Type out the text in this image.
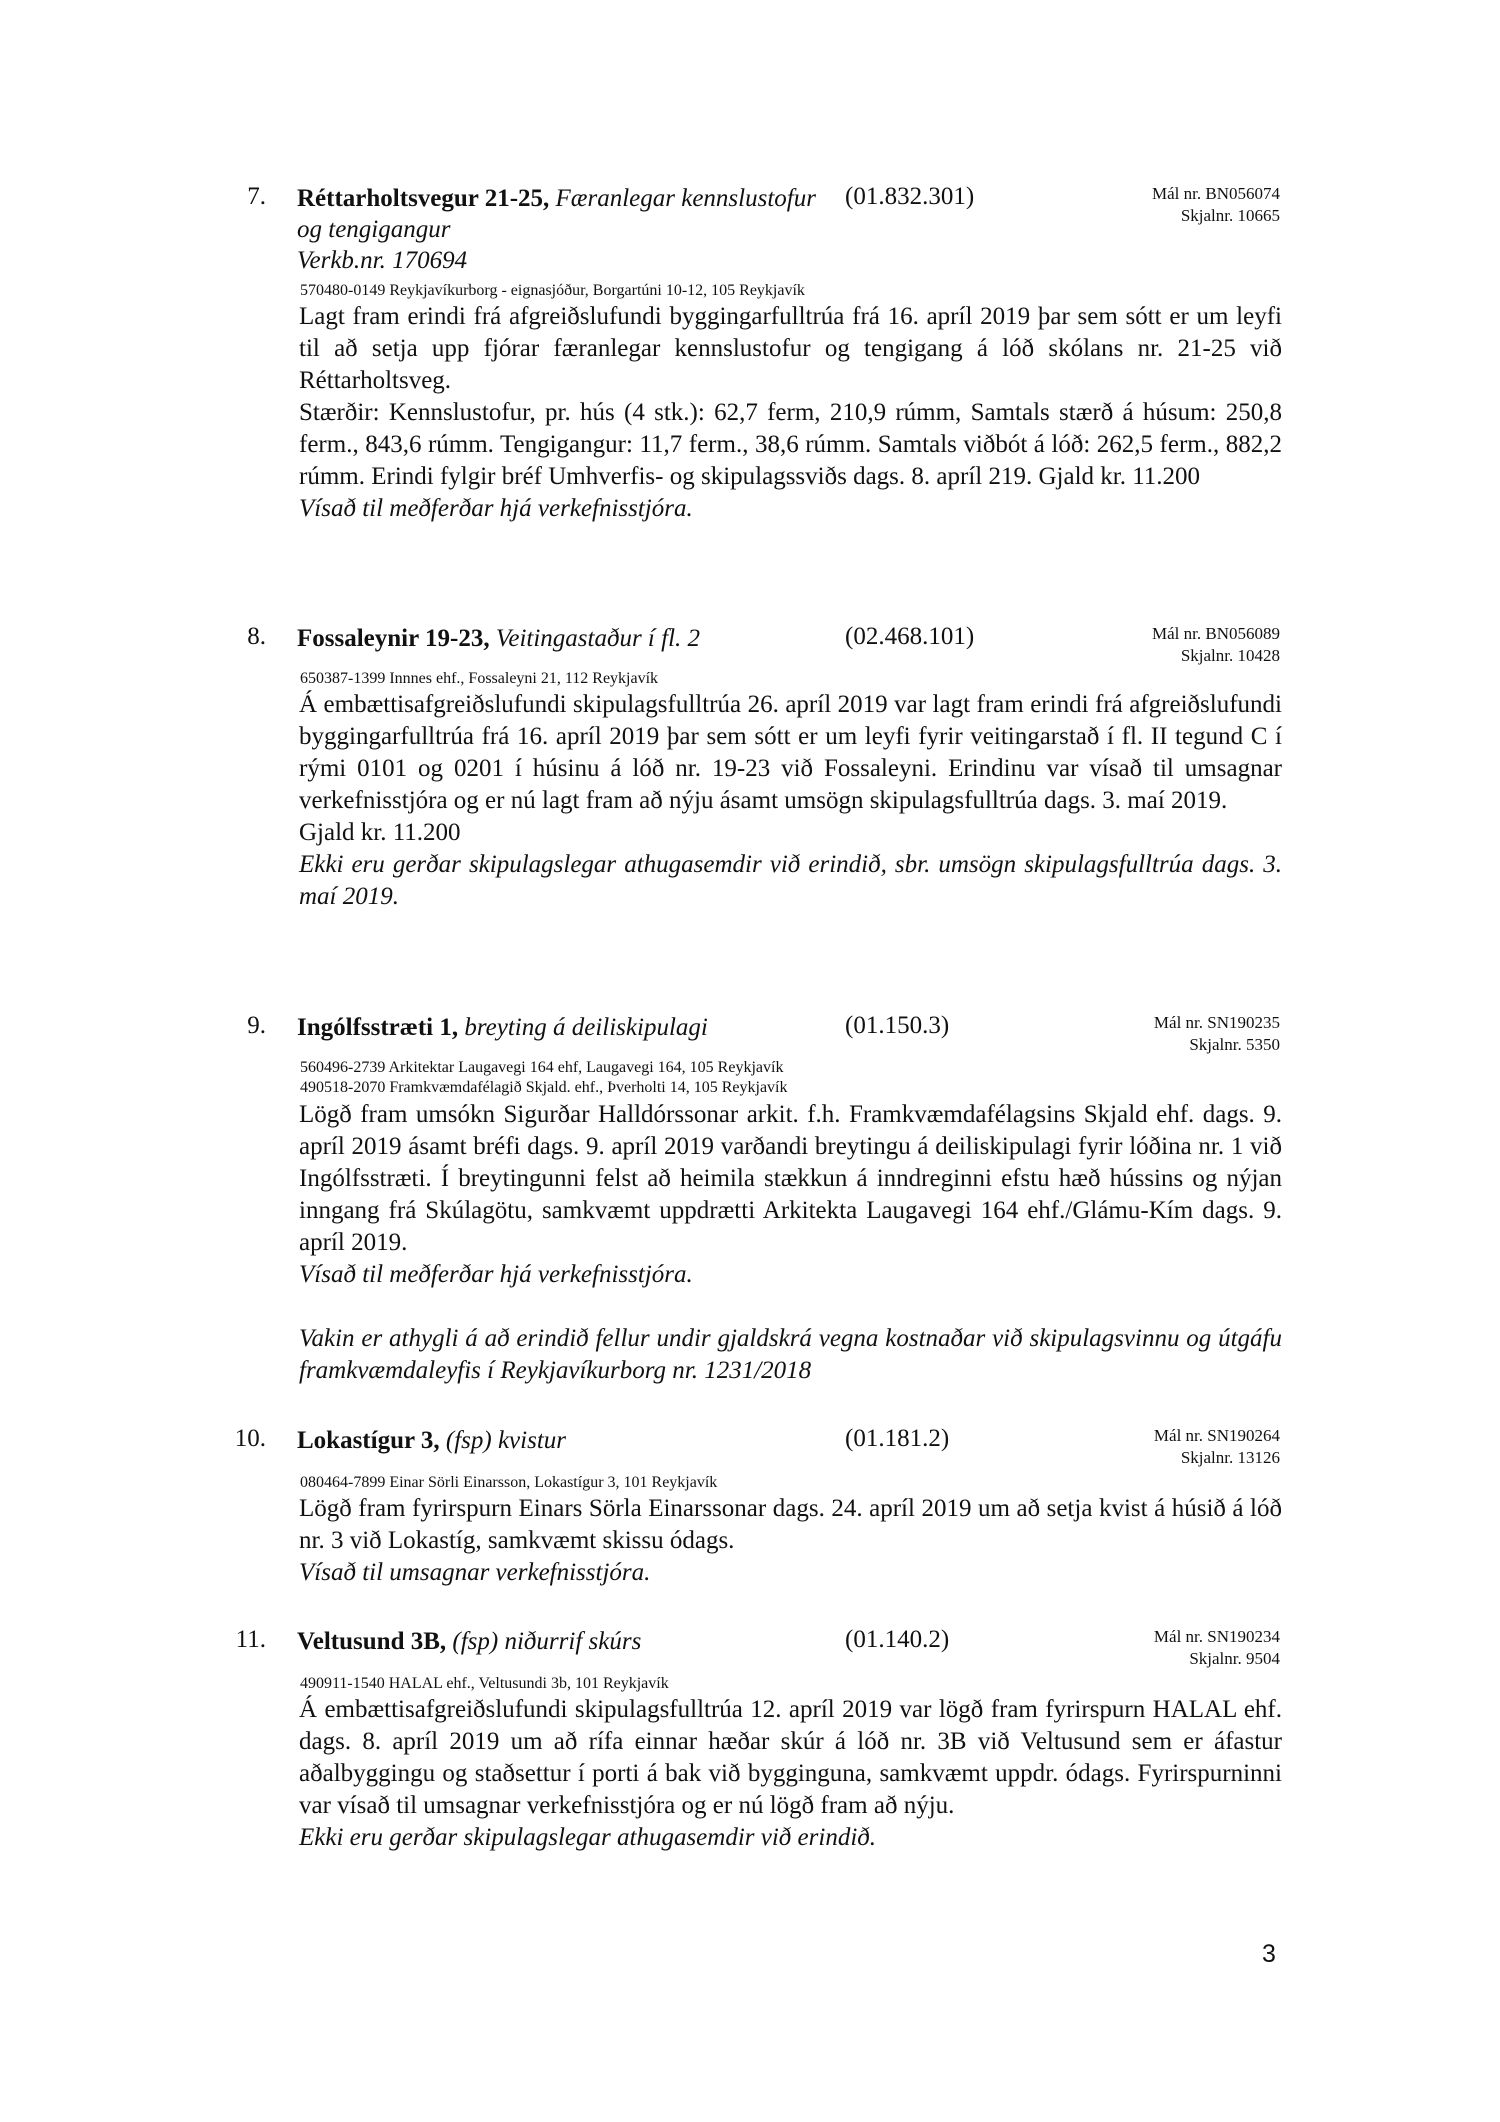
7. Réttarholtsvegur 21-25, Færanlegar kennslustofur og tengigangur
Verkb.nr. 170694
(01.832.301)	Mál nr. BN056074
Skjalnr. 10665
570480-0149 Reykjavíkurborg - eignasjóður, Borgartúni 10-12, 105 Reykjavík

Lagt fram erindi frá afgreiðslufundi byggingarfulltrúa frá 16. apríl 2019 þar sem sótt er um leyfi til að setja upp fjórar færanlegar kennslustofur og tengigang á lóð skólans nr. 21-25 við Réttarholtsveg.

Stærðir: Kennslustofur, pr. hús (4 stk.): 62,7 ferm, 210,9 rúmm, Samtals stærð á húsum: 250,8 ferm., 843,6 rúmm. Tengigangur: 11,7 ferm., 38,6 rúmm. Samtals viðbót á lóð: 262,5 ferm., 882,2 rúmm. Erindi fylgir bréf Umhverfis- og skipulagssviðs dags. 8. apríl 219. Gjald kr. 11.200

Vísað til meðferðar hjá verkefnisstjóra.

8. Fossaleynir 19-23, Veitingastaður í fl. 2	(02.468.101)	Mál nr. BN056089
Skjalnr. 10428
650387-1399 Innnes ehf., Fossaleyni 21, 112 Reykjavík

Á embættisafgreiðslufundi skipulagsfulltrúa 26. apríl 2019 var lagt fram erindi frá afgreiðslufundi byggingarfulltrúa frá 16. apríl 2019 þar sem sótt er um leyfi fyrir veitingarstað í fl. II tegund C í rými 0101 og 0201 í húsinu á lóð nr. 19-23 við Fossaleyni. Erindinu var vísað til umsagnar verkefnisstjóra og er nú lagt fram að nýju ásamt umsögn skipulagsfulltrúa dags. 3. maí 2019.

Gjald kr. 11.200

Ekki eru gerðar skipulagslegar athugasemdir við erindið, sbr. umsögn skipulagsfulltrúa dags. 3. maí 2019.

9. Ingólfsstræti 1, breyting á deiliskipulagi	(01.150.3)	Mál nr. SN190235
Skjalnr. 5350
560496-2739 Arkitektar Laugavegi 164 ehf, Laugavegi 164, 105 Reykjavík
490518-2070 Framkvæmdafélagið Skjald. ehf., Þverholti 14, 105 Reykjavík

Lögð fram umsókn Sigurðar Halldórssonar arkit. f.h. Framkvæmdafélagsins Skjald ehf. dags. 9. apríl 2019 ásamt bréfi dags. 9. apríl 2019 varðandi breytingu á deiliskipulagi fyrir lóðina nr. 1 við Ingólfsstræti. Í breytingunni felst að heimila stækkun á inndreginni efstu hæð hússins og nýjan inngang frá Skúlagötu, samkvæmt uppdrætti Arkitekta Laugavegi 164 ehf./Glámu-Kím dags. 9. apríl 2019.

Vísað til meðferðar hjá verkefnisstjóra.

Vakin er athygli á að erindið fellur undir gjaldskrá vegna kostnaðar við skipulagsvinnu og útgáfu framkvæmdaleyfis í Reykjavíkurborg nr. 1231/2018

10. Lokastígur 3, (fsp) kvistur	(01.181.2)	Mál nr. SN190264
Skjalnr. 13126
080464-7899 Einar Sörli Einarsson, Lokastígur 3, 101 Reykjavík

Lögð fram fyrirspurn Einars Sörla Einarssonar dags. 24. apríl 2019 um að setja kvist á húsið á lóð nr. 3 við Lokastíg, samkvæmt skissu ódags.

Vísað til umsagnar verkefnisstjóra.

11. Veltusund 3B, (fsp) niðurrif skúrs	(01.140.2)	Mál nr. SN190234
Skjalnr. 9504
490911-1540 HALAL ehf., Veltusundi 3b, 101 Reykjavík

Á embættisafgreiðslufundi skipulagsfulltrúa 12. apríl 2019 var lögð fram fyrirspurn HALAL ehf. dags. 8. apríl 2019 um að rífa einnar hæðar skúr á lóð nr. 3B við Veltusund sem er áfastur aðalbyggingu og staðsettur í porti á bak við bygginguna, samkvæmt uppdr. ódags. Fyrirspurninni var vísað til umsagnar verkefnisstjóra og er nú lögð fram að nýju.

Ekki eru gerðar skipulagslegar athugasemdir við erindið.

3
